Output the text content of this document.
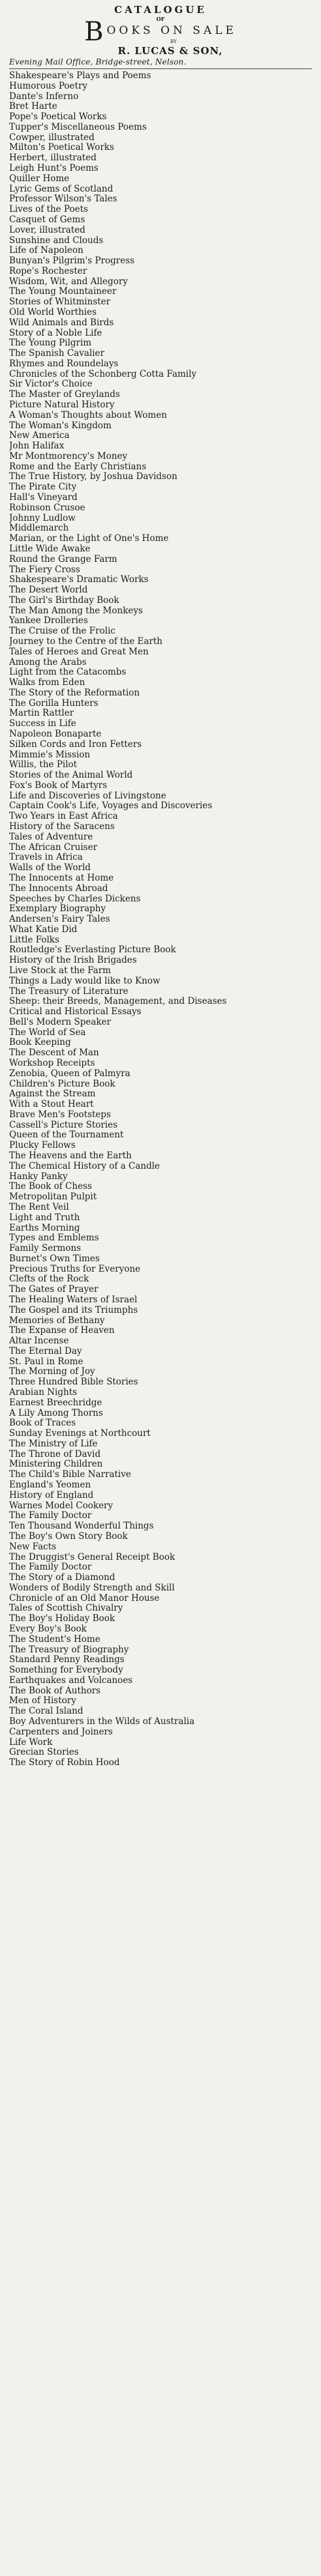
CATALOGUE
OF
BOOKS ON SALE
BY
R. LUCAS & SON,
Evening Mail Office, Bridge-street, Nelson.
Shakespeare's Plays and Poems
Humorous Poetry
Dante's Inferno
Bret Harte
Pope's Poetical Works
Tupper's Miscellaneous Poems
Cowper, illustrated
Milton's Poetical Works
Herbert, illustrated
Leigh Hunt's Poems
Quiller Home
Lyric Gems of Scotland
Professor Wilson's Tales
Lives of the Poets
Casquet of Gems
Lover, illustrated
Sunshine and Clouds
Life of Napoleon
Bunyan's Pilgrim's Progress
Rope's Rochester
Wisdom, Wit, and Allegory
The Young Mountaineer
Stories of Whitminster
Old World Worthies
Wild Animals and Birds
Story of a Noble Life
The Young Pilgrim
The Spanish Cavalier
Rhymes and Roundelays
Chronicles of the Schonberg Cotta Family
Sir Victor's Choice
The Master of Greylands
Picture Natural History
A Woman's Thoughts about Women
The Woman's Kingdom
New America
John Halifax
Mr Montmorency's Money
Rome and the Early Christians
The True History, by Joshua Davidson
The Pirate City
Hall's Vineyard
Robinson Crusoe
Johnny Ludlow
Middlemarch
Marian, or the Light of One's Home
Little Wide Awake
Round the Grange Farm
The Fiery Cross
Shakespeare's Dramatic Works
The Desert World
The Girl's Birthday Book
The Man Among the Monkeys
Yankee Drolleries
The Cruise of the Frolic
Journey to the Centre of the Earth
Tales of Heroes and Great Men
Among the Arabs
Light from the Catacombs
Walks from Eden
The Story of the Reformation
The Gorilla Hunters
Martin Rattler
Success in Life
Napoleon Bonaparte
Silken Cords and Iron Fetters
Mimmie's Mission
Willis, the Pilot
Stories of the Animal World
Fox's Book of Martyrs
Life and Discoveries of Livingstone
Captain Cook's Life, Voyages and Discoveries
Two Years in East Africa
History of the Saracens
Tales of Adventure
The African Cruiser
Travels in Africa
Walls of the World
The Innocents at Home
The Innocents Abroad
Speeches by Charles Dickens
Exemplary Biography
Andersen's Fairy Tales
What Katie Did
Little Folks
Routledge's Everlasting Picture Book
History of the Irish Brigades
Live Stock at the Farm
Things a Lady would like to Know
The Treasury of Literature
Sheep: their Breeds, Management, and Diseases
Critical and Historical Essays
Bell's Modern Speaker
The World of Sea
Book Keeping
The Descent of Man
Workshop Receipts
Zenobia, Queen of Palmyra
Children's Picture Book
Against the Stream
With a Stout Heart
Brave Men's Footsteps
Cassell's Picture Stories
Queen of the Tournament
Plucky Fellows
The Heavens and the Earth
The Chemical History of a Candle
Hanky Panky
The Book of Chess
Metropolitan Pulpit
The Rent Veil
Light and Truth
Earths Morning
Types and Emblems
Family Sermons
Burnet's Own Times
Precious Truths for Everyone
Clefts of the Rock
The Gates of Prayer
The Healing Waters of Israel
The Gospel and its Triumphs
Memories of Bethany
The Expanse of Heaven
Altar Incense
The Eternal Day
St. Paul in Rome
The Morning of Joy
Three Hundred Bible Stories
Arabian Nights
Earnest Breechridge
A Lily Among Thorns
Book of Traces
Sunday Evenings at Northcourt
The Ministry of Life
The Throne of David
Ministering Children
The Child's Bible Narrative
England's Yeomen
History of England
Warnes Model Cookery
The Family Doctor
Ten Thousand Wonderful Things
The Boy's Own Story Book
New Facts
The Druggist's General Receipt Book
The Family Doctor
The Story of a Diamond
Wonders of Bodily Strength and Skill
Chronicle of an Old Manor House
Tales of Scottish Chivalry
The Boy's Holiday Book
Every Boy's Book
The Student's Home
The Treasury of Biography
Standard Penny Readings
Something for Everybody
Earthquakes and Volcanoes
The Book of Authors
Men of History
The Coral Island
Boy Adventurers in the Wilds of Australia
Carpenters and Joiners
Life Work
Grecian Stories
The Story of Robin Hood
